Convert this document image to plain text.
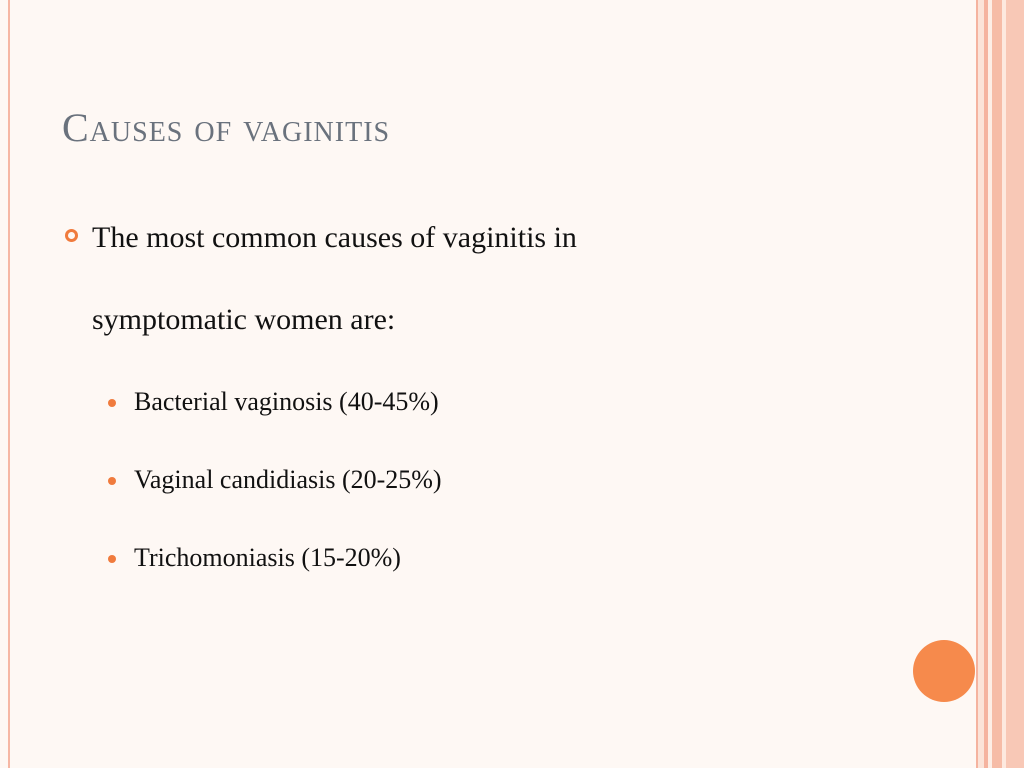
Causes of vaginitis
The most common causes of vaginitis in
symptomatic women are:
Bacterial vaginosis (40-45%)
Vaginal candidiasis (20-25%)
Trichomoniasis (15-20%)
